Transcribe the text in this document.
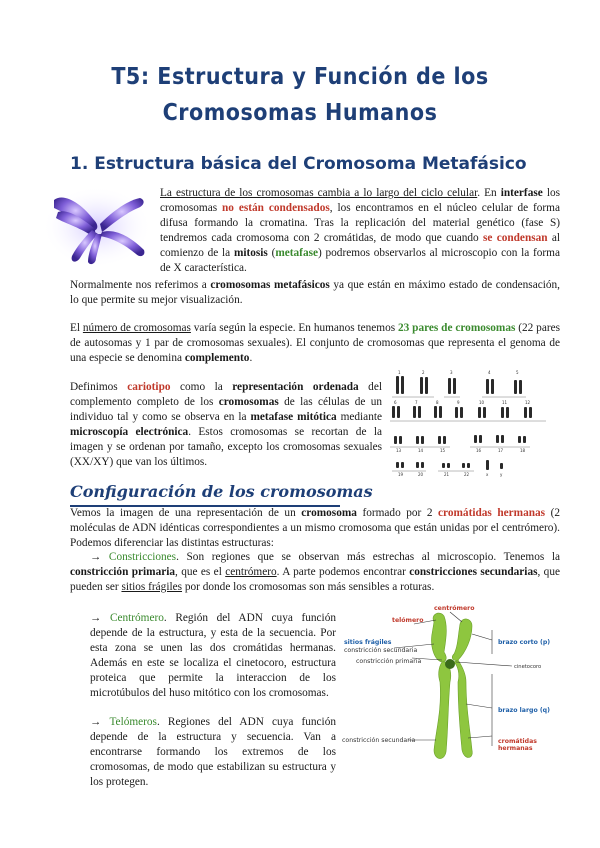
T5: Estructura y Función de los
Cromosomas Humanos
1. Estructura básica del Cromosoma Metafásico

La estructura de los cromosomas cambia a lo largo del ciclo celular. En interfase los cromosomas no están condensados, los encontramos en el núcleo celular de forma difusa formando la cromatina. Tras la replicación del material genético (fase S) tendremos cada cromosoma con 2 cromátidas, de modo que cuando se condensan al comienzo de la mitosis (metafase) podremos observarlos al microscopio con la forma de X característica.

Normalmente nos referimos a cromosomas metafásicos ya que están en máximo estado de condensación, lo que permite su mejor visualización.

El número de cromosomas varía según la especie. En humanos tenemos 23 pares de cromosomas (22 pares de autosomas y 1 par de cromosomas sexuales). El conjunto de cromosomas que representa el genoma de una especie se denomina complemento.

Definimos cariotipo como la representación ordenada del complemento completo de los cromosomas de las células de un individuo tal y como se observa en la metafase mitótica mediante microscopía electrónica. Estos cromosomas se recortan de la imagen y se ordenan por tamaño, excepto los cromosomas sexuales (XX/XY) que van los últimos.

1	2	3	4	5
6	7	8	9	10	11	12
13	14	15	16	17	18
19	20	21	22	x	y
Configuración de los cromosomas

Vemos la imagen de una representación de un cromosoma formado por 2 cromátidas hermanas (2 moléculas de ADN idénticas correspondientes a un mismo cromosoma que están unidas por el centrómero). Podemos diferenciar las distintas estructuras:

→ Constricciones. Son regiones que se observan más estrechas al microscopio. Tenemos la constricción primaria, que es el centrómero. A parte podemos encontrar constricciones secundarias, que pueden ser sitios frágiles por donde los cromosomas son más sensibles a roturas.

→ Centrómero. Región del ADN cuya función depende de la estructura, y esta de la secuencia. Por esta zona se unen las dos cromátidas hermanas. Además en este se localiza el cinetocoro, estructura proteica que permite la interaccion de los microtúbulos del huso mitótico con los cromosomas.

→ Telómeros. Regiones del ADN cuya función depende de la estructura y secuencia. Van a encontrarse formando los extremos de los cromosomas, de modo que estabilizan su estructura y los protegen.

telómero
centrómero
cromátidas
hermanas
sitios frágiles	brazo corto (p)
brazo largo (q)
constricción secundaria
constricción primaria
cinetocoro
constricción secundaria
